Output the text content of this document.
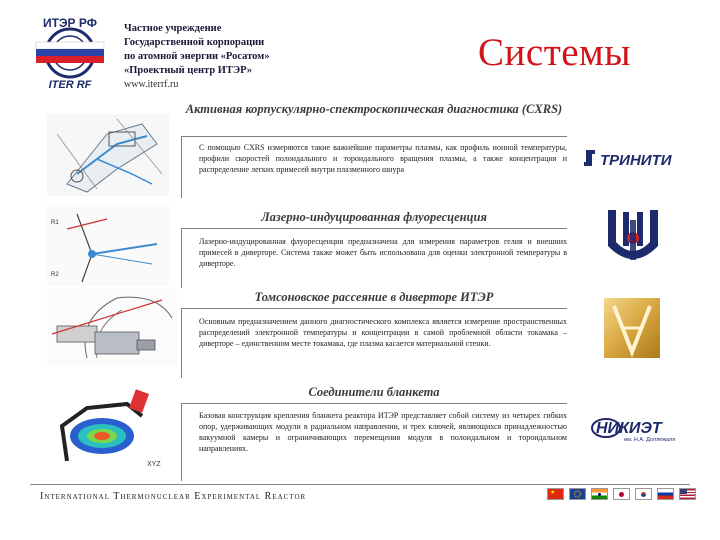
ИТЭР РФ
ITER RF
Частное учреждение
Государственной корпорации
по атомной энергии «Росатом»
«Проектный центр ИТЭР»
www.iterrf.ru
Системы
Активная корпускулярно-спектроскопическая диагностика (CXRS)
С помощью CXRS измеряются такие важнейшие параметры плазмы, как профиль ионной температуры, профили скоростей полоидального и тороидального вращения плазмы, а также концентрация и распределение легких примесей внутри плазменного шнура
ТРИНИТИ
R1
R2
Лазерно-индуцированная флуоресценция
Лазерно-индуцированная флуоресценция предназначена для измерения параметров гелия и внешних примесей в диверторе. Система также может быть использована для оценки электронной температуры в диверторе.
Томсоновское рассеяние в диверторе ИТЭР
Основным предназначением данного диагностического комплекса является измерение пространственных распределений электронной температуры и концентрации в самой проблемной области токамака – диверторе – единственном месте токамака, где плазма касается материальной стенки.
XYZ
Соединители бланкета
Базовая конструкция крепления бланкета реактора ИТЭР представляет собой систему из четырех гибких опор, удерживающих модули в радиальном направлении, и трех ключей, являющихся принадлежностью вакуумной камеры и ограничивающих перемещения модуля в полоидальном и тороидальном направлениях.
НИКИЭТ
им. Н.А. Доллежаля
International Thermonuclear Experimental Reactor	★
